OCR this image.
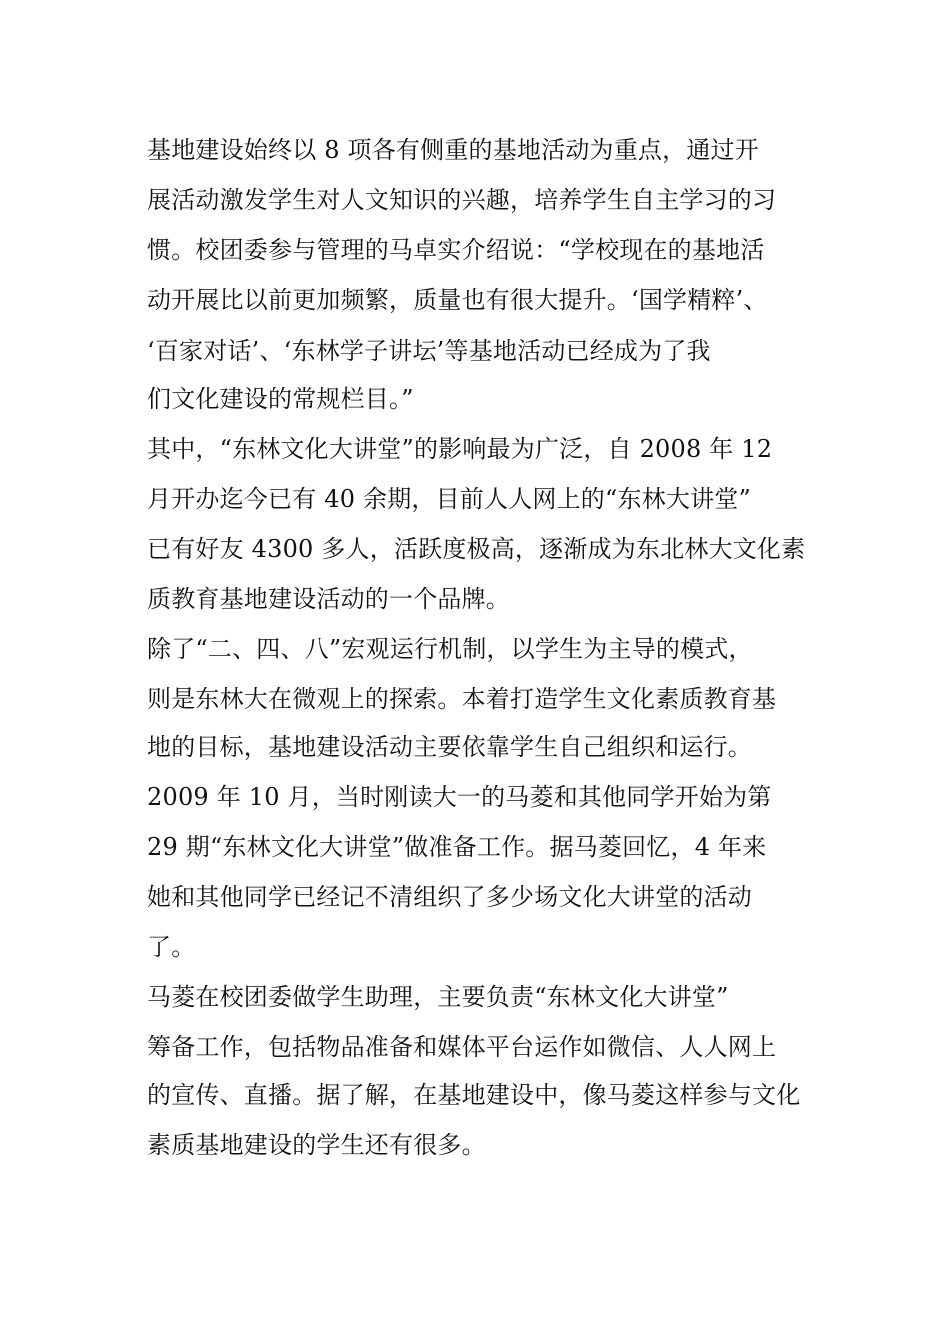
基地建设始终以 8 项各有侧重的基地活动为重点，通过开
展活动激发学生对人文知识的兴趣，培养学生自主学习的习
惯。校团委参与管理的马卓实介绍说：“学校现在的基地活
动开展比以前更加频繁，质量也有很大提升。‘国学精粹’、
‘百家对话’、‘东林学子讲坛’等基地活动已经成为了我
们文化建设的常规栏目。”
其中，“东林文化大讲堂”的影响最为广泛，自 2008 年 12
月开办迄今已有 40 余期，目前人人网上的“东林大讲堂”
已有好友 4300 多人，活跃度极高，逐渐成为东北林大文化素
质教育基地建设活动的一个品牌。
除了“二、四、八”宏观运行机制，以学生为主导的模式，
则是东林大在微观上的探索。本着打造学生文化素质教育基
地的目标，基地建设活动主要依靠学生自己组织和运行。
2009 年 10 月，当时刚读大一的马菱和其他同学开始为第
29 期“东林文化大讲堂”做准备工作。据马菱回忆，4 年来
她和其他同学已经记不清组织了多少场文化大讲堂的活动
了。
马菱在校团委做学生助理，主要负责“东林文化大讲堂”
筹备工作，包括物品准备和媒体平台运作如微信、人人网上
的宣传、直播。据了解，在基地建设中，像马菱这样参与文化
素质基地建设的学生还有很多。
